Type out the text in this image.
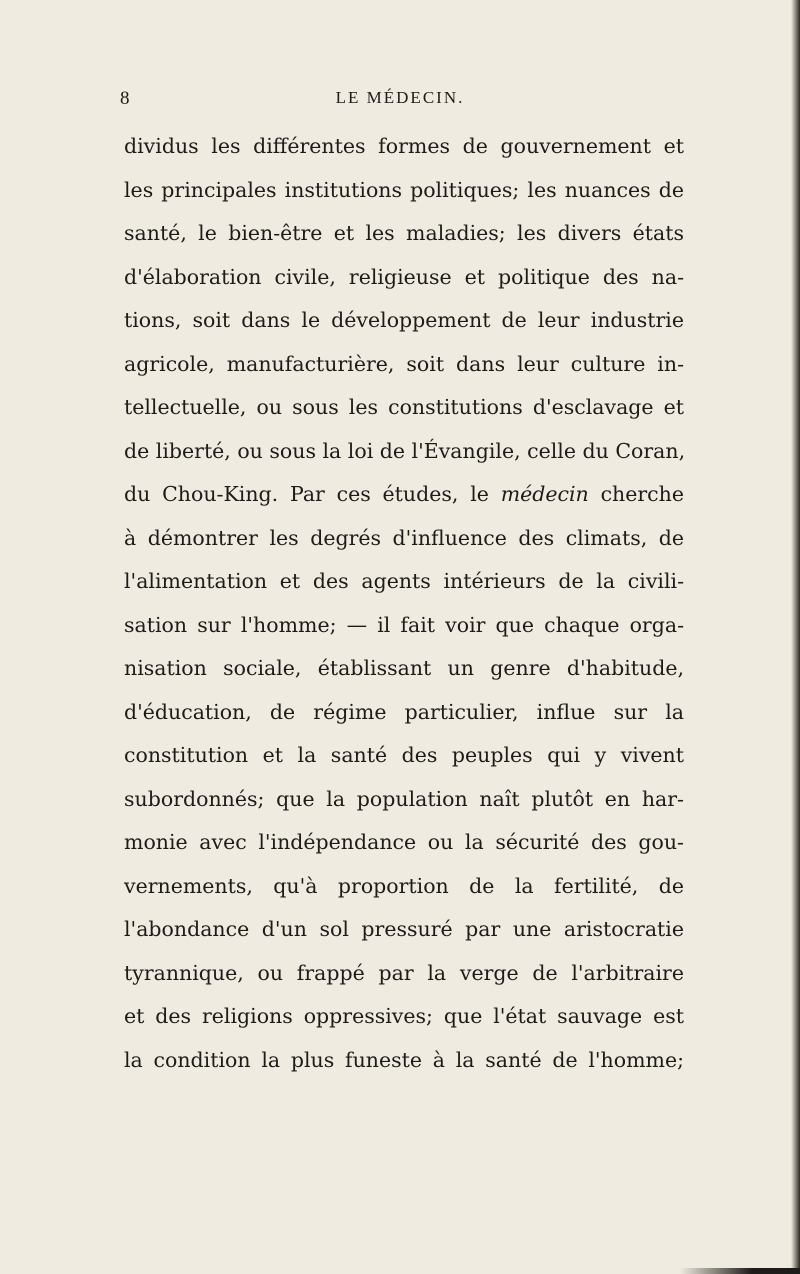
8	LE MÉDECIN.
dividus les différentes formes de gouvernement et
les principales institutions politiques; les nuances de
santé, le bien-être et les maladies; les divers états
d'élaboration civile, religieuse et politique des na-
tions, soit dans le développement de leur industrie
agricole, manufacturière, soit dans leur culture in-
tellectuelle, ou sous les constitutions d'esclavage et
de liberté, ou sous la loi de l'Évangile, celle du Coran,
du Chou-King. Par ces études, le médecin cherche
à démontrer les degrés d'influence des climats, de
l'alimentation et des agents intérieurs de la civili-
sation sur l'homme; — il fait voir que chaque orga-
nisation sociale, établissant un genre d'habitude,
d'éducation, de régime particulier, influe sur la
constitution et la santé des peuples qui y vivent
subordonnés; que la population naît plutôt en har-
monie avec l'indépendance ou la sécurité des gou-
vernements, qu'à proportion de la fertilité, de
l'abondance d'un sol pressuré par une aristocratie
tyrannique, ou frappé par la verge de l'arbitraire
et des religions oppressives; que l'état sauvage est
la condition la plus funeste à la santé de l'homme;
